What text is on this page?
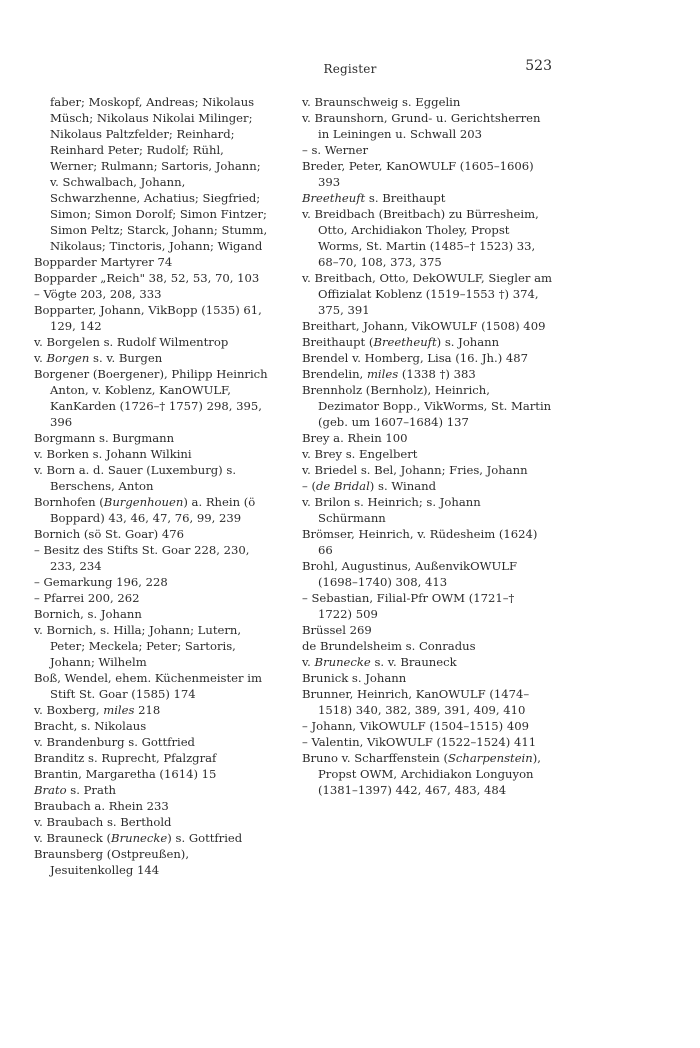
Register	523

faber; Moskopf, Andreas; Nikolaus Müsch; Nikolaus Nikolai Milinger; Nikolaus Paltzfelder; Reinhard; Reinhard Peter; Rudolf; Rühl, Werner; Rulmann; Sartoris, Johann; v. Schwalbach, Johann, Schwarzhenne, Achatius; Siegfried; Simon; Simon Dorolf; Simon Fintzer; Simon Peltz; Starck, Johann; Stumm, Nikolaus; Tinctoris, Johann; Wigand

Bopparder Martyrer 74

Bopparder „Reich" 38, 52, 53, 70, 103

– Vögte 203, 208, 333

Bopparter, Johann, VikBopp (1535) 61, 129, 142

v. Borgelen s. Rudolf Wilmentrop

v. Borgen s. v. Burgen

Borgener (Boergener), Philipp Heinrich Anton, v. Koblenz, KanOWULF, KanKarden (1726–† 1757) 298, 395, 396

Borgmann s. Burgmann

v. Borken s. Johann Wilkini

v. Born a. d. Sauer (Luxemburg) s. Berschens, Anton

Bornhofen (Burgenhouen) a. Rhein (ö Boppard) 43, 46, 47, 76, 99, 239

Bornich (sö St. Goar) 476

– Besitz des Stifts St. Goar 228, 230, 233, 234

– Gemarkung 196, 228

– Pfarrei 200, 262

Bornich, s. Johann

v. Bornich, s. Hilla; Johann; Lutern, Peter; Meckela; Peter; Sartoris, Johann; Wilhelm

Boß, Wendel, ehem. Küchenmeister im Stift St. Goar (1585) 174

v. Boxberg, miles 218

Bracht, s. Nikolaus

v. Brandenburg s. Gottfried

Branditz s. Ruprecht, Pfalzgraf

Brantin, Margaretha (1614) 15

Brato s. Prath

Braubach a. Rhein 233

v. Braubach s. Berthold

v. Brauneck (Brunecke) s. Gottfried

Braunsberg (Ostpreußen), Jesuitenkolleg 144

v. Braunschweig s. Eggelin

v. Braunshorn, Grund- u. Gerichtsherren in Leiningen u. Schwall 203

– s. Werner

Breder, Peter, KanOWULF (1605–1606) 393

Breetheuft s. Breithaupt

v. Breidbach (Breitbach) zu Bürresheim, Otto, Archidiakon Tholey, Propst Worms, St. Martin (1485–† 1523) 33, 68–70, 108, 373, 375

v. Breitbach, Otto, DekOWULF, Siegler am Offizialat Koblenz (1519–1553 †) 374, 375, 391

Breithart, Johann, VikOWULF (1508) 409

Breithaupt (Breetheuft) s. Johann

Brendel v. Homberg, Lisa (16. Jh.) 487

Brendelin, miles (1338 †) 383

Brennholz (Bernholz), Heinrich, Dezimator Bopp., VikWorms, St. Martin (geb. um 1607–1684) 137

Brey a. Rhein 100

v. Brey s. Engelbert

v. Briedel s. Bel, Johann; Fries, Johann

– (de Bridal) s. Winand

v. Brilon s. Heinrich; s. Johann Schürmann

Brömser, Heinrich, v. Rüdesheim (1624) 66

Brohl, Augustinus, AußenvikOWULF (1698–1740) 308, 413

– Sebastian, Filial-Pfr OWM (1721–† 1722) 509

Brüssel 269

de Brundelsheim s. Conradus

v. Brunecke s. v. Brauneck

Brunick s. Johann

Brunner, Heinrich, KanOWULF (1474–1518) 340, 382, 389, 391, 409, 410

– Johann, VikOWULF (1504–1515) 409

– Valentin, VikOWULF (1522–1524) 411

Bruno v. Scharffenstein (Scharpenstein), Propst OWM, Archidiakon Longuyon (1381–1397) 442, 467, 483, 484
